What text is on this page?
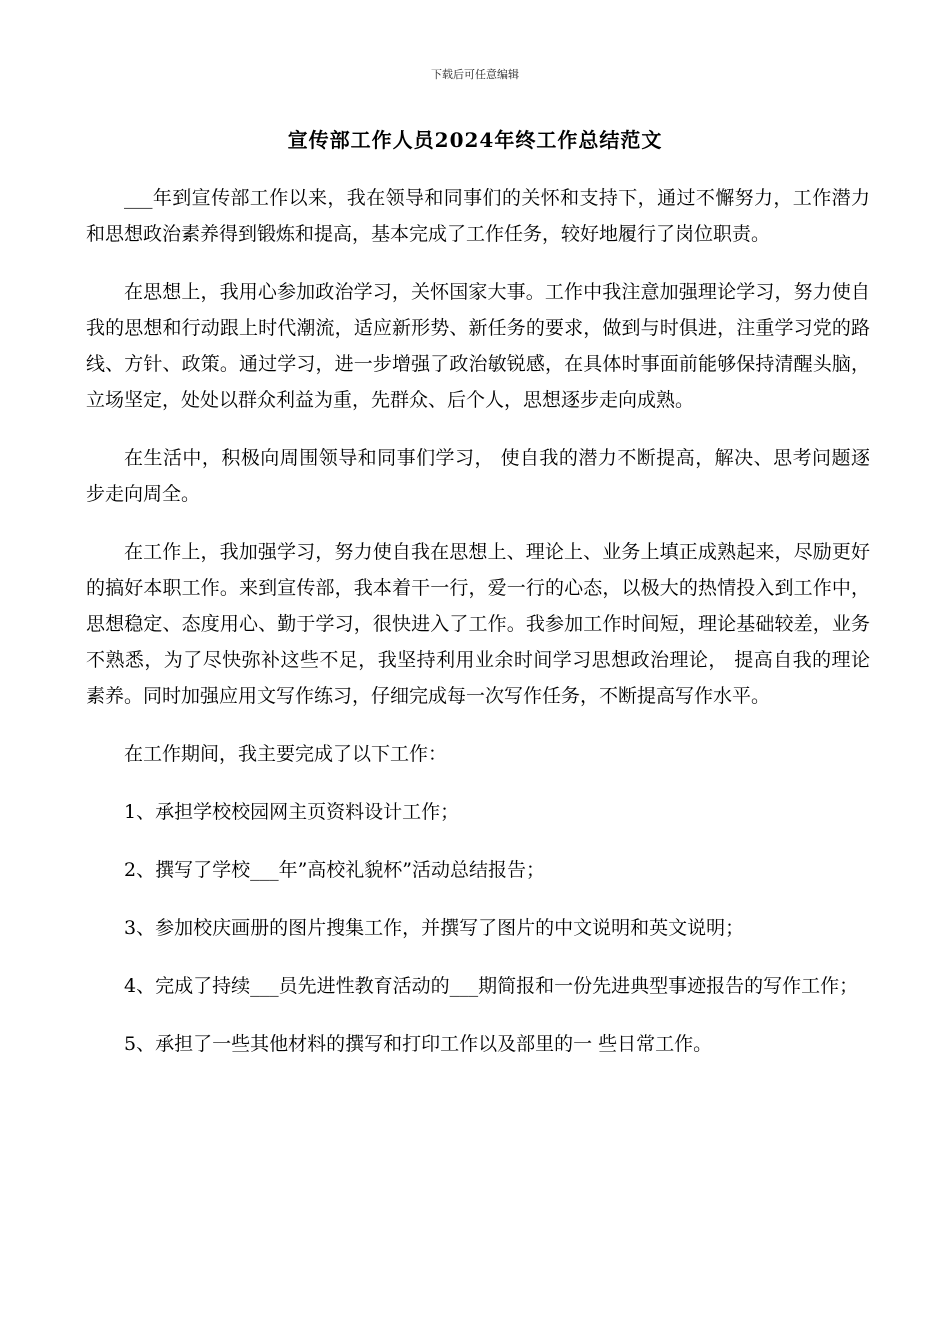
下载后可任意编辑
宣传部工作人员2024年终工作总结范文

___年到宣传部工作以来，我在领导和同事们的关怀和支持下，通过不懈努力，工作潜力和思想政治素养得到锻炼和提高，基本完成了工作任务，较好地履行了岗位职责。

在思想上，我用心参加政治学习，关怀国家大事。工作中我注意加强理论学习，努力使自我的思想和行动跟上时代潮流，适应新形势、新任务的要求，做到与时俱进，注重学习党的路线、方针、政策。通过学习，进一步增强了政治敏锐感，在具体时事面前能够保持清醒头脑，立场坚定，处处以群众利益为重，先群众、后个人，思想逐步走向成熟。

在生活中，积极向周围领导和同事们学习， 使自我的潜力不断提高，解决、思考问题逐步走向周全。

在工作上，我加强学习，努力使自我在思想上、理论上、业务上填正成熟起来，尽励更好的搞好本职工作。来到宣传部，我本着干一行，爱一行的心态，以极大的热情投入到工作中，思想稳定、态度用心、勤于学习，很快进入了工作。我参加工作时间短，理论基础较差，业务不熟悉，为了尽快弥补这些不足，我坚持利用业余时间学习思想政治理论， 提高自我的理论素养。同时加强应用文写作练习，仔细完成每一次写作任务，不断提高写作水平。

在工作期间，我主要完成了以下工作：

1、承担学校校园网主页资料设计工作；

2、撰写了学校___年”高校礼貌杯”活动总结报告；

3、参加校庆画册的图片搜集工作，并撰写了图片的中文说明和英文说明；

4、完成了持续___员先进性教育活动的___期简报和一份先进典型事迹报告的写作工作；

5、承担了一些其他材料的撰写和打印工作以及部里的一 些日常工作。
